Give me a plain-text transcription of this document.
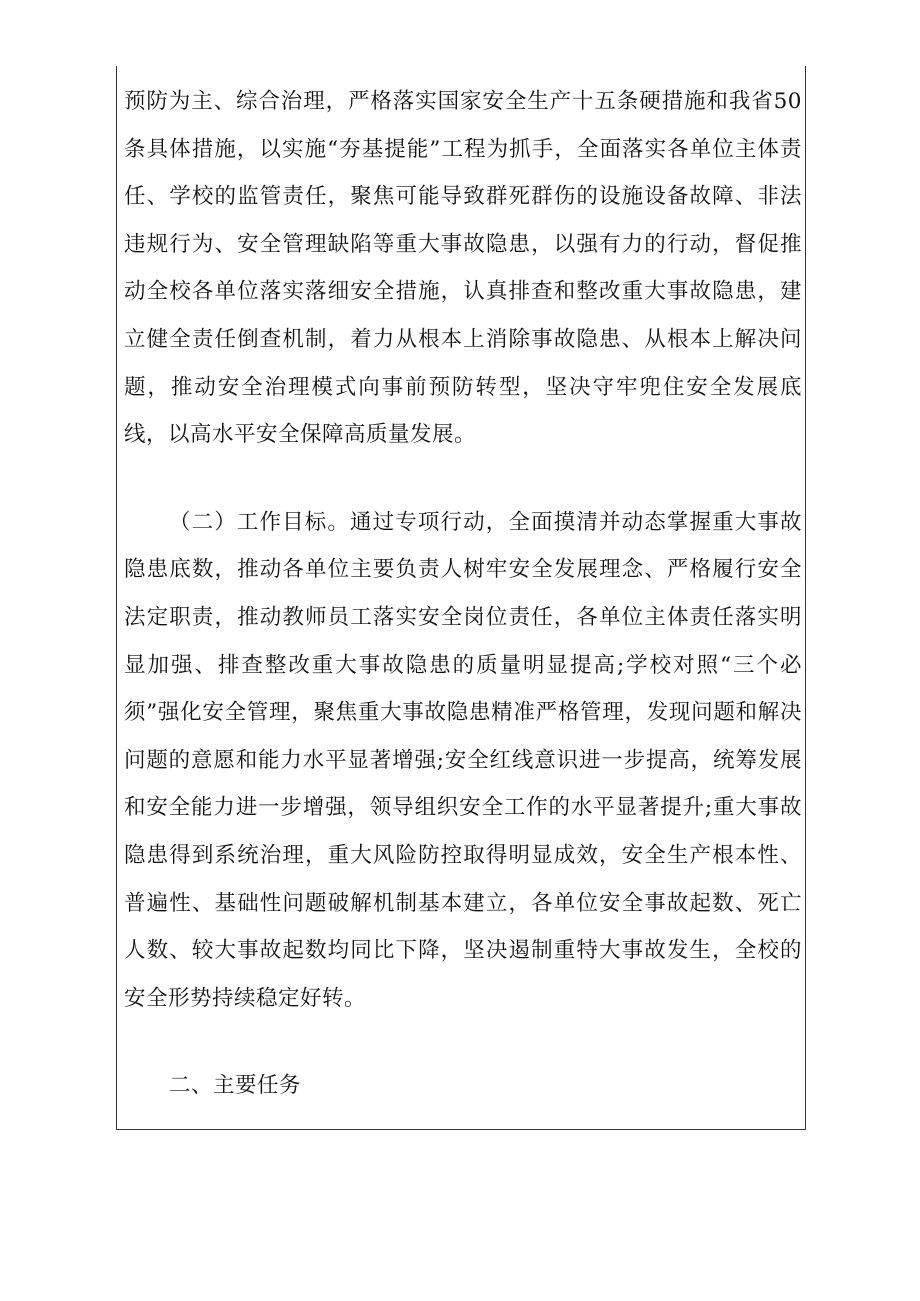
预防为主、综合治理，严格落实国家安全生产十五条硬措施和我省50条具体措施，以实施“夯基提能”工程为抓手，全面落实各单位主体责任、学校的监管责任，聚焦可能导致群死群伤的设施设备故障、非法违规行为、安全管理缺陷等重大事故隐患，以强有力的行动，督促推动全校各单位落实落细安全措施，认真排查和整改重大事故隐患，建立健全责任倒查机制，着力从根本上消除事故隐患、从根本上解决问题，推动安全治理模式向事前预防转型，坚决守牢兜住安全发展底线，以高水平安全保障高质量发展。

（二）工作目标。通过专项行动，全面摸清并动态掌握重大事故隐患底数，推动各单位主要负责人树牢安全发展理念、严格履行安全法定职责，推动教师员工落实安全岗位责任，各单位主体责任落实明显加强、排查整改重大事故隐患的质量明显提高;学校对照“三个必须”强化安全管理，聚焦重大事故隐患精准严格管理，发现问题和解决问题的意愿和能力水平显著增强;安全红线意识进一步提高，统筹发展和安全能力进一步增强，领导组织安全工作的水平显著提升;重大事故隐患得到系统治理，重大风险防控取得明显成效，安全生产根本性、普遍性、基础性问题破解机制基本建立，各单位安全事故起数、死亡人数、较大事故起数均同比下降，坚决遏制重特大事故发生，全校的安全形势持续稳定好转。

二、主要任务
